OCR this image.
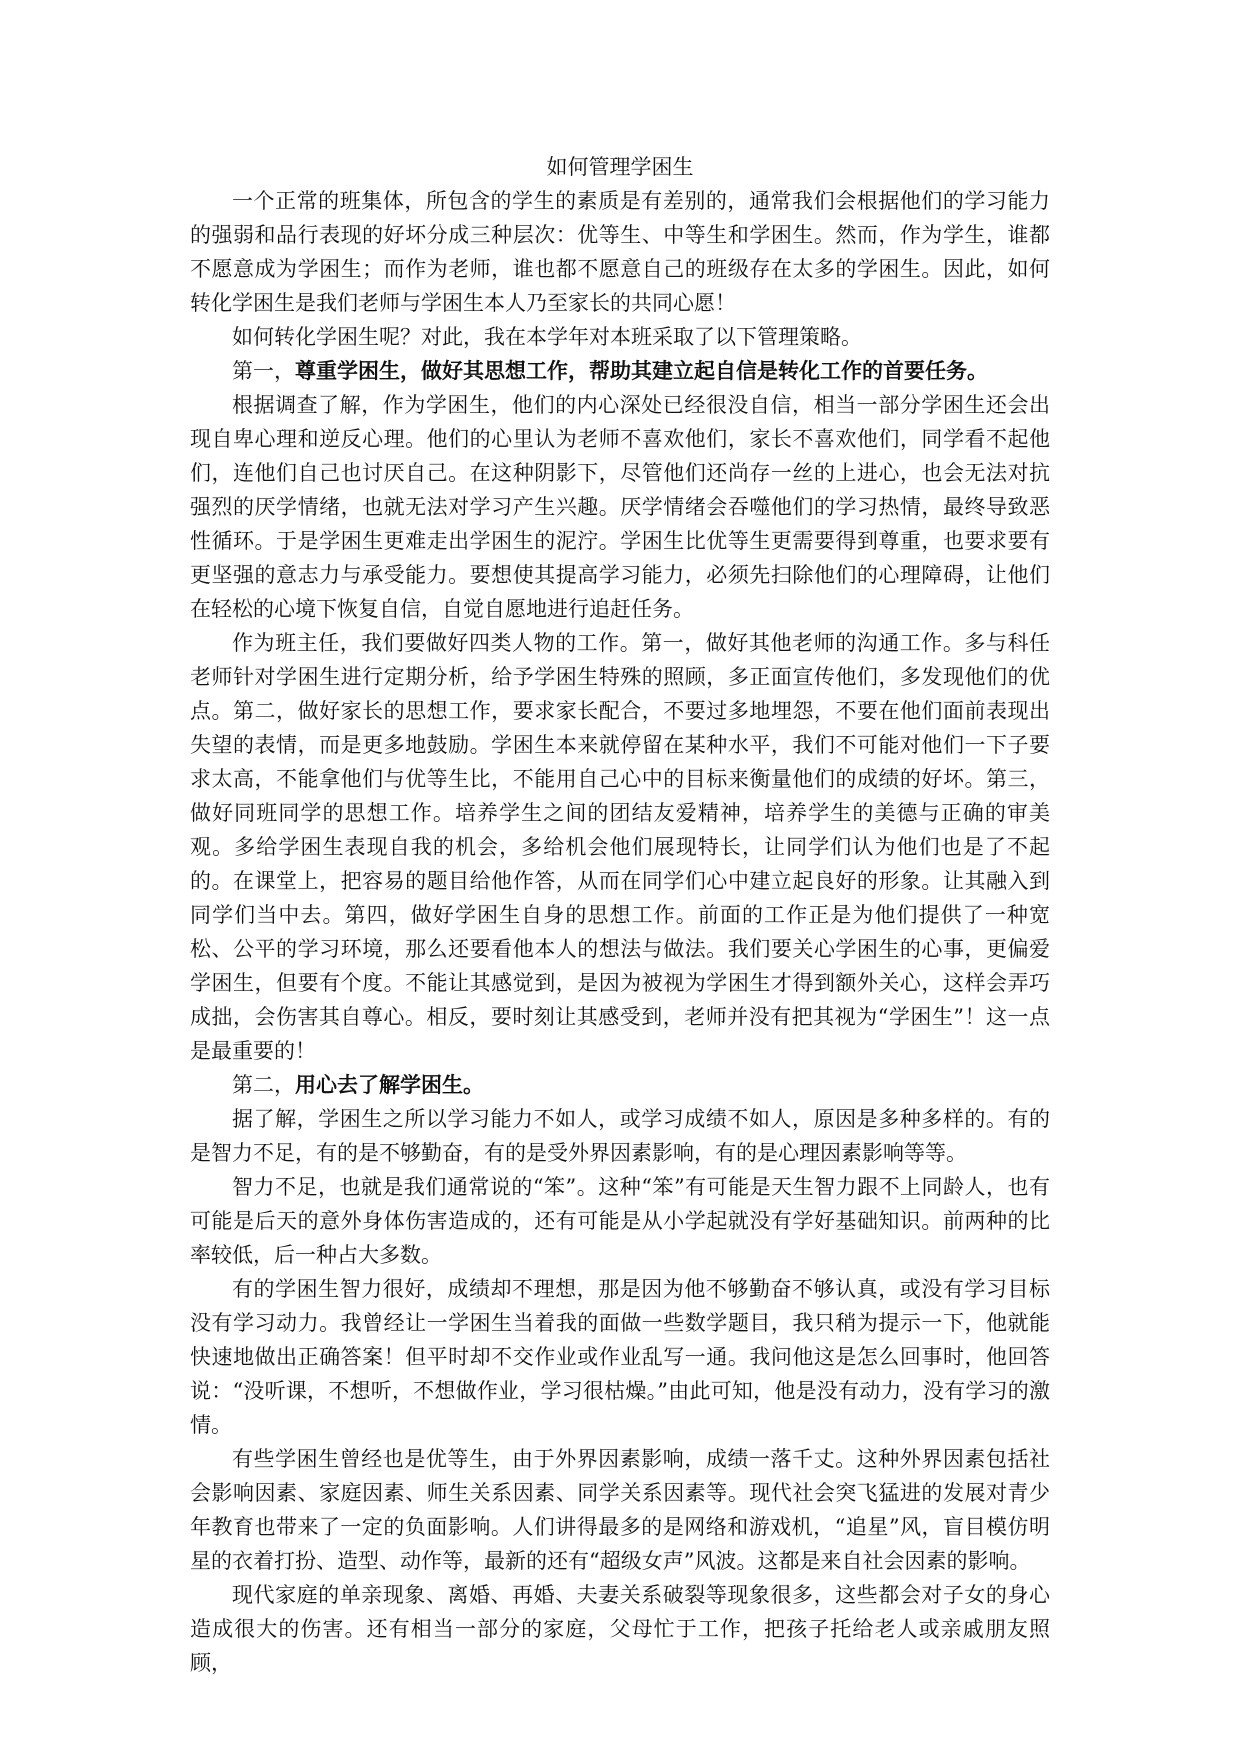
如何管理学困生

一个正常的班集体，所包含的学生的素质是有差别的，通常我们会根据他们的学习能力的强弱和品行表现的好坏分成三种层次：优等生、中等生和学困生。然而，作为学生，谁都不愿意成为学困生；而作为老师，谁也都不愿意自己的班级存在太多的学困生。因此，如何转化学困生是我们老师与学困生本人乃至家长的共同心愿！

如何转化学困生呢？对此，我在本学年对本班采取了以下管理策略。

第一，尊重学困生，做好其思想工作，帮助其建立起自信是转化工作的首要任务。

根据调查了解，作为学困生，他们的内心深处已经很没自信，相当一部分学困生还会出现自卑心理和逆反心理。他们的心里认为老师不喜欢他们，家长不喜欢他们，同学看不起他们，连他们自己也讨厌自己。在这种阴影下，尽管他们还尚存一丝的上进心，也会无法对抗强烈的厌学情绪，也就无法对学习产生兴趣。厌学情绪会吞噬他们的学习热情，最终导致恶性循环。于是学困生更难走出学困生的泥泞。学困生比优等生更需要得到尊重，也要求要有更坚强的意志力与承受能力。要想使其提高学习能力，必须先扫除他们的心理障碍，让他们在轻松的心境下恢复自信，自觉自愿地进行追赶任务。

作为班主任，我们要做好四类人物的工作。第一，做好其他老师的沟通工作。多与科任老师针对学困生进行定期分析，给予学困生特殊的照顾，多正面宣传他们，多发现他们的优点。第二，做好家长的思想工作，要求家长配合，不要过多地埋怨，不要在他们面前表现出失望的表情，而是更多地鼓励。学困生本来就停留在某种水平，我们不可能对他们一下子要求太高，不能拿他们与优等生比，不能用自己心中的目标来衡量他们的成绩的好坏。第三，做好同班同学的思想工作。培养学生之间的团结友爱精神，培养学生的美德与正确的审美观。多给学困生表现自我的机会，多给机会他们展现特长，让同学们认为他们也是了不起的。在课堂上，把容易的题目给他作答，从而在同学们心中建立起良好的形象。让其融入到同学们当中去。第四，做好学困生自身的思想工作。前面的工作正是为他们提供了一种宽松、公平的学习环境，那么还要看他本人的想法与做法。我们要关心学困生的心事，更偏爱学困生，但要有个度。不能让其感觉到，是因为被视为学困生才得到额外关心，这样会弄巧成拙，会伤害其自尊心。相反，要时刻让其感受到，老师并没有把其视为“学困生”！这一点是最重要的！

第二，用心去了解学困生。

据了解，学困生之所以学习能力不如人，或学习成绩不如人，原因是多种多样的。有的是智力不足，有的是不够勤奋，有的是受外界因素影响，有的是心理因素影响等等。

智力不足，也就是我们通常说的“笨”。这种“笨”有可能是天生智力跟不上同龄人，也有可能是后天的意外身体伤害造成的，还有可能是从小学起就没有学好基础知识。前两种的比率较低，后一种占大多数。

有的学困生智力很好，成绩却不理想，那是因为他不够勤奋不够认真，或没有学习目标没有学习动力。我曾经让一学困生当着我的面做一些数学题目，我只稍为提示一下，他就能快速地做出正确答案！但平时却不交作业或作业乱写一通。我问他这是怎么回事时，他回答说：“没听课，不想听，不想做作业，学习很枯燥。”由此可知，他是没有动力，没有学习的激情。

有些学困生曾经也是优等生，由于外界因素影响，成绩一落千丈。这种外界因素包括社会影响因素、家庭因素、师生关系因素、同学关系因素等。现代社会突飞猛进的发展对青少年教育也带来了一定的负面影响。人们讲得最多的是网络和游戏机，“追星”风，盲目模仿明星的衣着打扮、造型、动作等，最新的还有“超级女声”风波。这都是来自社会因素的影响。

现代家庭的单亲现象、离婚、再婚、夫妻关系破裂等现象很多，这些都会对子女的身心造成很大的伤害。还有相当一部分的家庭，父母忙于工作，把孩子托给老人或亲戚朋友照顾，
